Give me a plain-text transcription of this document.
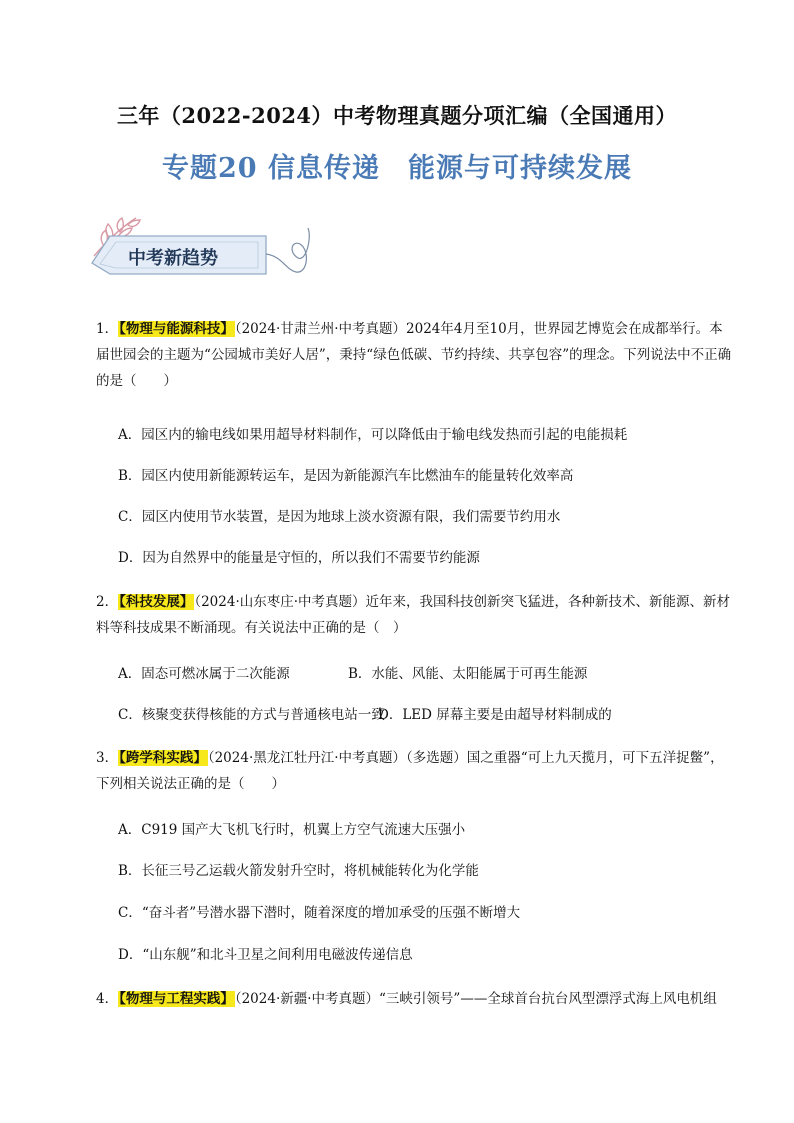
三年（2022-2024）中考物理真题分项汇编（全国通用）
专题20 信息传递　能源与可持续发展
中考新趋势
1．【物理与能源科技】（2024·甘肃兰州·中考真题）2024年4月至10月，世界园艺博览会在成都举行。本届世园会的主题为“公园城市美好人居”，秉持“绿色低碳、节约持续、共享包容”的理念。下列说法中不正确的是（　　）
A．园区内的输电线如果用超导材料制作，可以降低由于输电线发热而引起的电能损耗
B．园区内使用新能源转运车，是因为新能源汽车比燃油车的能量转化效率高
C．园区内使用节水装置，是因为地球上淡水资源有限，我们需要节约用水
D．因为自然界中的能量是守恒的，所以我们不需要节约能源
2．【科技发展】（2024·山东枣庄·中考真题）近年来，我国科技创新突飞猛进，各种新技术、新能源、新材料等科技成果不断涌现。有关说法中正确的是（　）
A．固态可燃冰属于二次能源	B．水能、风能、太阳能属于可再生能源
C．核聚变获得核能的方式与普通核电站一致
D．LED 屏幕主要是由超导材料制成的
3．【跨学科实践】（2024·黑龙江牡丹江·中考真题）（多选题）国之重器“可上九天揽月，可下五洋捉鳖”，下列相关说法正确的是（　　）
A．C919 国产大飞机飞行时，机翼上方空气流速大压强小
B．长征三号乙运载火箭发射升空时，将机械能转化为化学能
C．“奋斗者”号潜水器下潜时，随着深度的增加承受的压强不断增大
D．“山东舰”和北斗卫星之间利用电磁波传递信息
4．【物理与工程实践】（2024·新疆·中考真题）“三峡引领号”——全球首台抗台风型漂浮式海上风电机组
